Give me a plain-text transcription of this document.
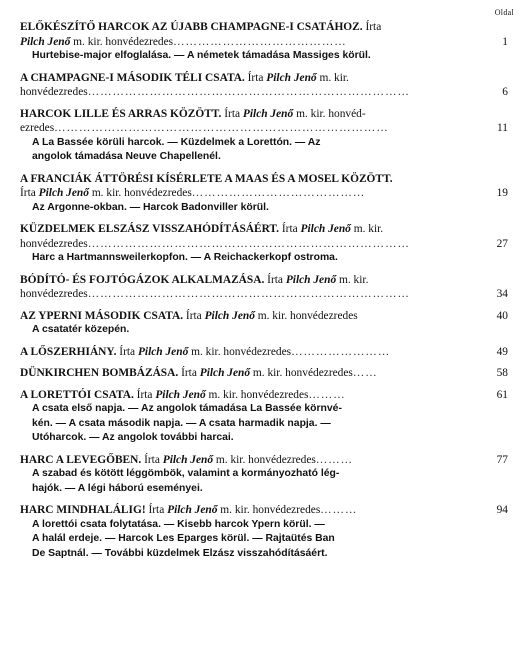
Oldal
ELŐKÉSZÍTŐ HARCOK AZ ÚJABB CHAMPAGNE-I CSATÁHOZ. Írta
Pilch Jenő m. kir. honvédezredes……………………………………	1

Hurtebise-major elfoglalása. — A németek támadása Massiges körül.

A CHAMPAGNE-I MÁSODIK TÉLI CSATA. Írta Pilch Jenő m. kir.
honvédezredes……………………………………………………………………	6
HARCOK LILLE ÉS ARRAS KÖZÖTT. Írta Pilch Jenő m. kir. honvéd-
ezredes………………………………………………………………………	11

A La Bassée körüli harcok. — Küzdelmek a Lorettón. — Az

angolok támadása Neuve Chapellenél.

A FRANCIÁK ÁTTÖRÉSI KÍSÉRLETE A MAAS ÉS A MOSEL KÖZÖTT.
Írta Pilch Jenő m. kir. honvédezredes……………………………………	19

Az Argonne-okban. — Harcok Badonviller körül.

KÜZDELMEK ELSZÁSZ VISSZAHÓDÍTÁSÁÉRT. Írta Pilch Jenő m. kir.
honvédezredes……………………………………………………………………	27

Harc a Hartmannsweilerkopfon. — A Reichackerkopf ostroma.

BÓDÍTÓ- ÉS FOJTÓGÁZOK ALKALMAZÁSA. Írta Pilch Jenő m. kir.
honvédezredes……………………………………………………………………	34
AZ YPERNI MÁSODIK CSATA. Írta Pilch Jenő m. kir. honvédezredes	40

A csatatér közepén.

A LŐSZERHIÁNY. Írta Pilch Jenő m. kir. honvédezredes……………………	49
DÜNKIRCHEN BOMBÁZÁSA. Írta Pilch Jenő m. kir. honvédezredes……	58
A LORETTÓI CSATA. Írta Pilch Jenő m. kir. honvédezredes………	61

A csata első napja. — Az angolok támadása La Bassée körnvé-

kén. — A csata második napja. — A csata harmadik napja. —

Utóharcok. — Az angolok további harcai.

HARC A LEVEGŐBEN. Írta Pilch Jenő m. kir. honvédezredes………	77

A szabad és kötött léggömbök, valamint a kormányozható lég-

hajók. — A légi háború eseményei.

HARC MINDHALÁLIG! Írta Pilch Jenő m. kir. honvédezredes………	94

A lorettói csata folytatása. — Kisebb harcok Ypern körül. —

A halál erdeje. — Harcok Les Eparges körül. — Rajtaütés Ban

De Saptnál. — További küzdelmek Elzász visszahódításáért.
